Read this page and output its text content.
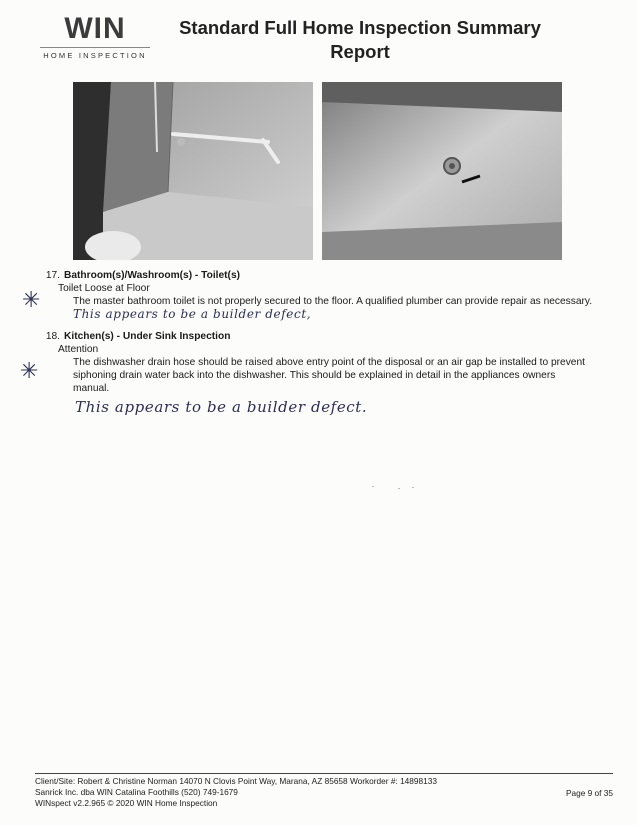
WIN
HOME INSPECTION
Standard Full Home Inspection Summary Report
17. Bathroom(s)/Washroom(s) - Toilet(s)
Toilet Loose at Floor
The master bathroom toilet is not properly secured to the floor. A qualified plumber can provide repair as necessary. This appears to be a builder defect,
✳
18. Kitchen(s) - Under Sink Inspection
Attention
The dishwasher drain hose should be raised above entry point of the disposal or an air gap be installed to prevent siphoning drain water back into the dishwasher. This should be explained in detail in the appliances owners manual.
This appears to be a builder defect.
✳
Client/Site: Robert & Christine Norman 14070 N Clovis Point Way, Marana, AZ 85658 Workorder #: 14898133
Sanrick Inc. dba WIN Catalina Foothills (520) 749-1679
WINspect v2.2.965 © 2020 WIN Home Inspection
Page 9 of 35
